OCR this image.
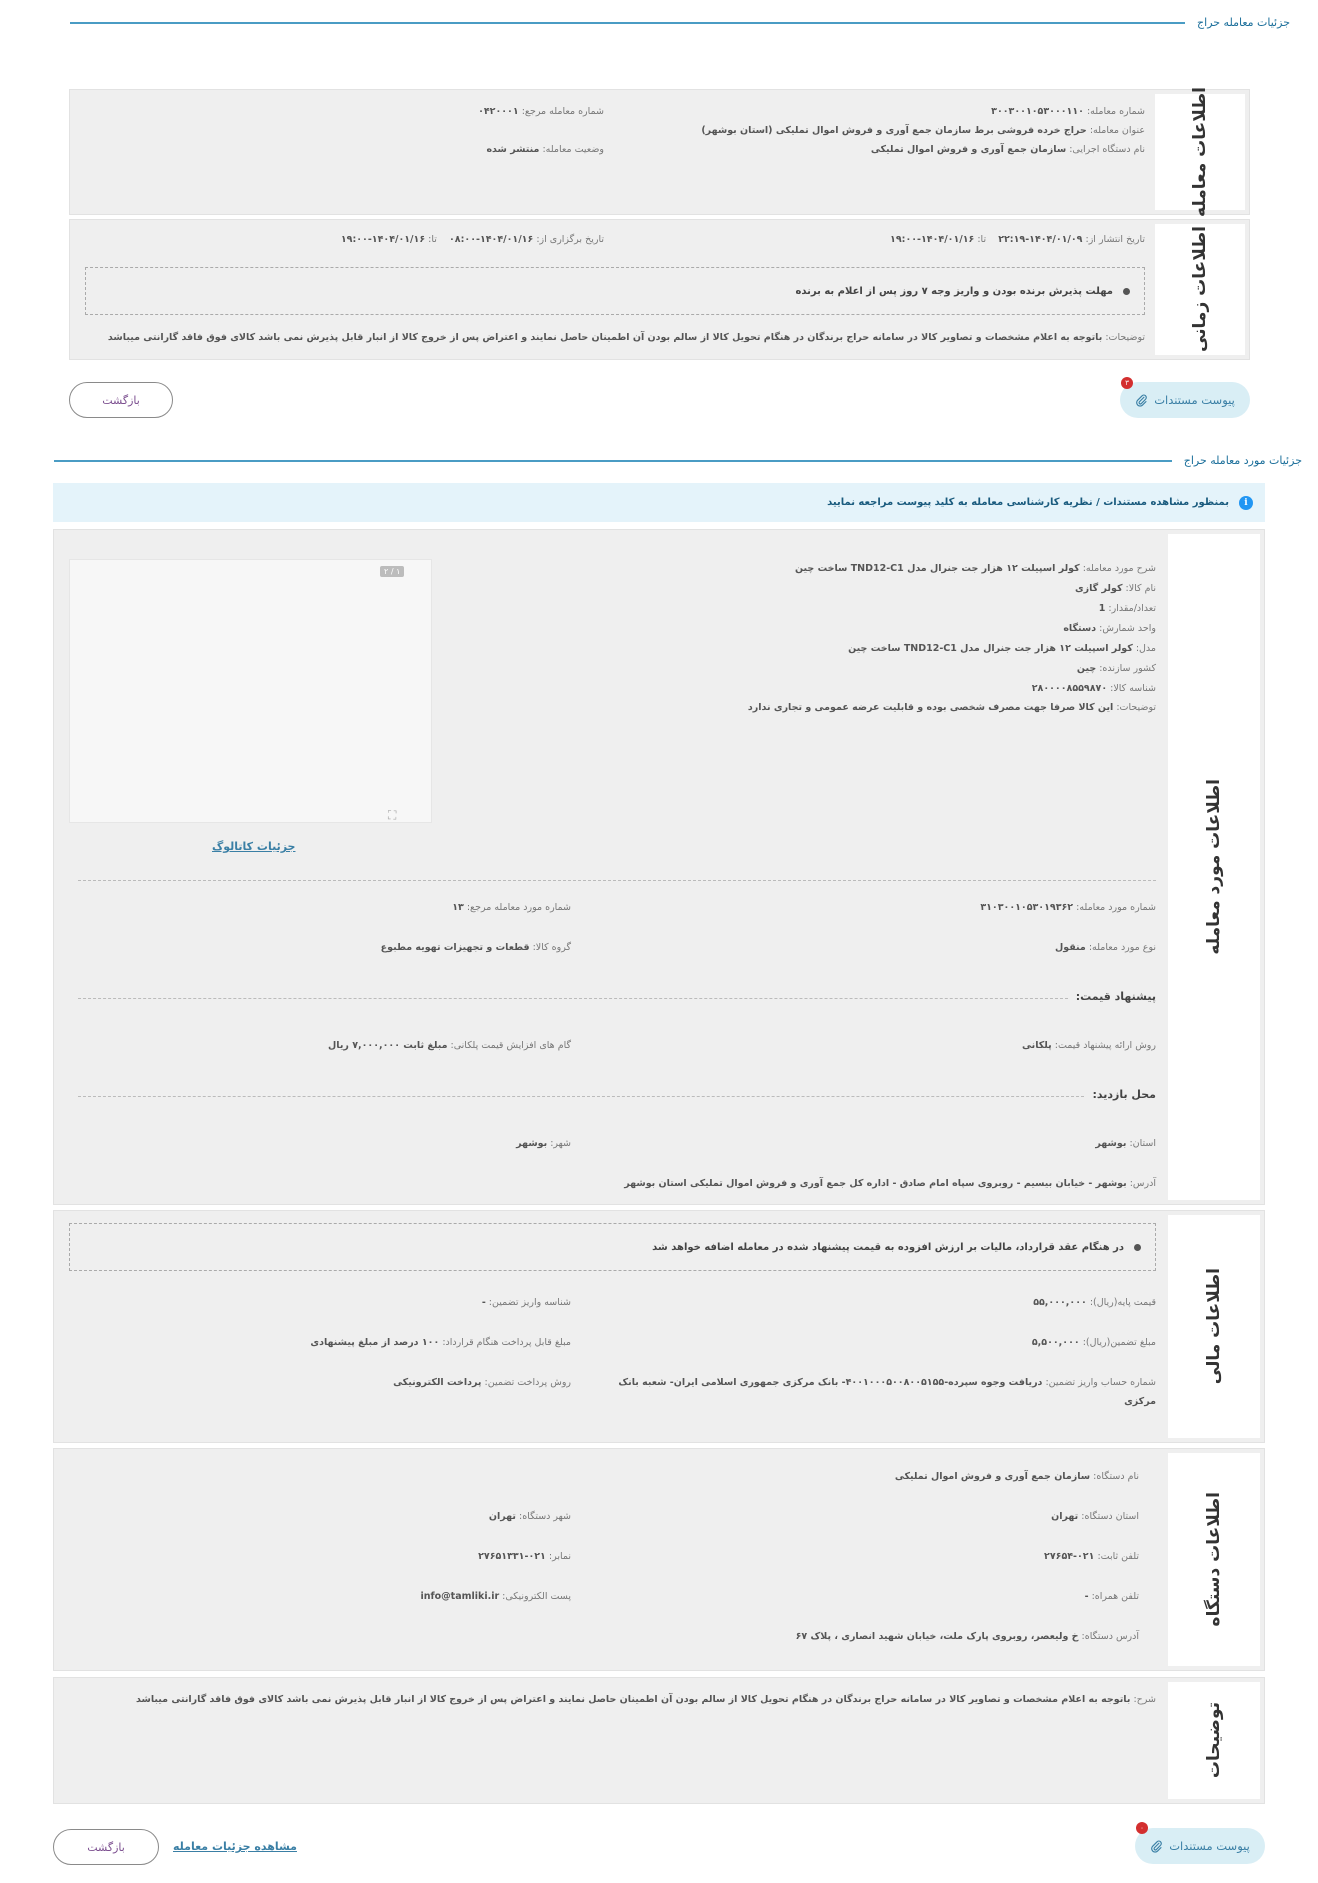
جزئیات معامله حراج
اطلاعات معامله
شماره معامله: ۳۰۰۳۰۰۱۰۵۳۰۰۰۱۱۰
عنوان معامله: حراج خرده فروشی برط سازمان جمع آوری و فروش اموال تملیکی (استان بوشهر)
نام دستگاه اجرایی: سازمان جمع آوری و فروش اموال تملیکی
شماره معامله مرجع: ۰۴۲۰۰۰۱
وضعیت معامله: منتشر شده
اطلاعات زمانی
تاریخ انتشار از: ۱۴۰۴/۰۱/۰۹-۲۲:۱۹    تا: ۱۴۰۴/۰۱/۱۶-۱۹:۰۰
تاریخ برگزاری از: ۱۴۰۴/۰۱/۱۶-۰۸:۰۰    تا: ۱۴۰۴/۰۱/۱۶-۱۹:۰۰
مهلت پذیرش برنده بودن و واریز وجه ۷ روز پس از اعلام به برنده
توضیحات: باتوجه به اعلام مشخصات و تصاویر کالا در سامانه حراج برندگان در هنگام تحویل کالا از سالم بودن آن اطمینان حاصل نمایند و اعتراض پس از خروج کالا از انبار قابل پذیرش نمی باشد کالای فوق فاقد گارانتی میباشد
پیوست مستندات
۳
بازگشت
جزئیات مورد معامله حراج
i
بمنظور مشاهده مستندات / نظریه کارشناسی معامله به کلید پیوست مراجعه نمایید
اطلاعات مورد معامله
شرح مورد معامله: کولر اسپیلت ۱۲ هزار جت جنرال مدل TND12-C1 ساخت چین
نام کالا: کولر گازی
تعداد/مقدار: 1
واحد شمارش: دستگاه
مدل: کولر اسپیلت ۱۲ هزار جت جنرال مدل TND12-C1 ساخت چین
کشور سازنده: چین
شناسه کالا: ۲۸۰۰۰۰۸۵۵۹۸۷۰
توضیحات: این کالا صرفا جهت مصرف شخصی بوده و قابلیت عرضه عمومی و تجاری ندارد
۲ / ۱
⛶
جزئیات کاتالوگ
شماره مورد معامله: ۳۱۰۳۰۰۱۰۵۳۰۱۹۳۶۲
شماره مورد معامله مرجع: ۱۳
نوع مورد معامله: منقول
گروه کالا: قطعات و تجهیزات تهویه مطبوع
پیشنهاد قیمت:
روش ارائه پیشنهاد قیمت: پلکانی
گام های افزایش قیمت پلکانی: مبلغ ثابت ۷,۰۰۰,۰۰۰ ریال
محل بازدید:
استان: بوشهر
شهر: بوشهر
آدرس: بوشهر - خیابان بیسیم - روبروی سپاه امام صادق - اداره کل جمع آوری و فروش اموال تملیکی استان بوشهر
اطلاعات مالی
در هنگام عقد قرارداد، مالیات بر ارزش افزوده به قیمت پیشنهاد شده در معامله اضافه خواهد شد
قیمت پایه(ریال): ۵۵,۰۰۰,۰۰۰
شناسه واریز تضمین: -
مبلغ تضمین(ریال): ۵,۵۰۰,۰۰۰
مبلغ قابل پرداخت هنگام قرارداد: ۱۰۰ درصد از مبلغ پیشنهادی
شماره حساب واریز تضمین: دریافت وجوه سپرده-۴۰۰۱۰۰۰۵۰۰۸۰۰۵۱۵۵- بانک مرکزی جمهوری اسلامی ایران- شعبه بانک
مرکزی
روش پرداخت تضمین: پرداخت الکترونیکی
اطلاعات دستگاه
نام دستگاه: سازمان جمع آوری و فروش اموال تملیکی
استان دستگاه: تهران
شهر دستگاه: تهران
تلفن ثابت: ۰۲۱-۲۷۶۵۴
نمابر: ۰۲۱-۲۷۶۵۱۳۳۱
تلفن همراه: -
پست الکترونیکی: info@tamliki.ir
آدرس دستگاه: خ ولیعصر، روبروی پارک ملت، خیابان شهید انصاری ، پلاک ۶۷
توضیحات
شرح: باتوجه به اعلام مشخصات و تصاویر کالا در سامانه حراج برندگان در هنگام تحویل کالا از سالم بودن آن اطمینان حاصل نمایند و اعتراض پس از خروج کالا از انبار قابل پذیرش نمی باشد کالای فوق فاقد گارانتی میباشد
پیوست مستندات
۰
مشاهده جزئیات معامله
بازگشت
